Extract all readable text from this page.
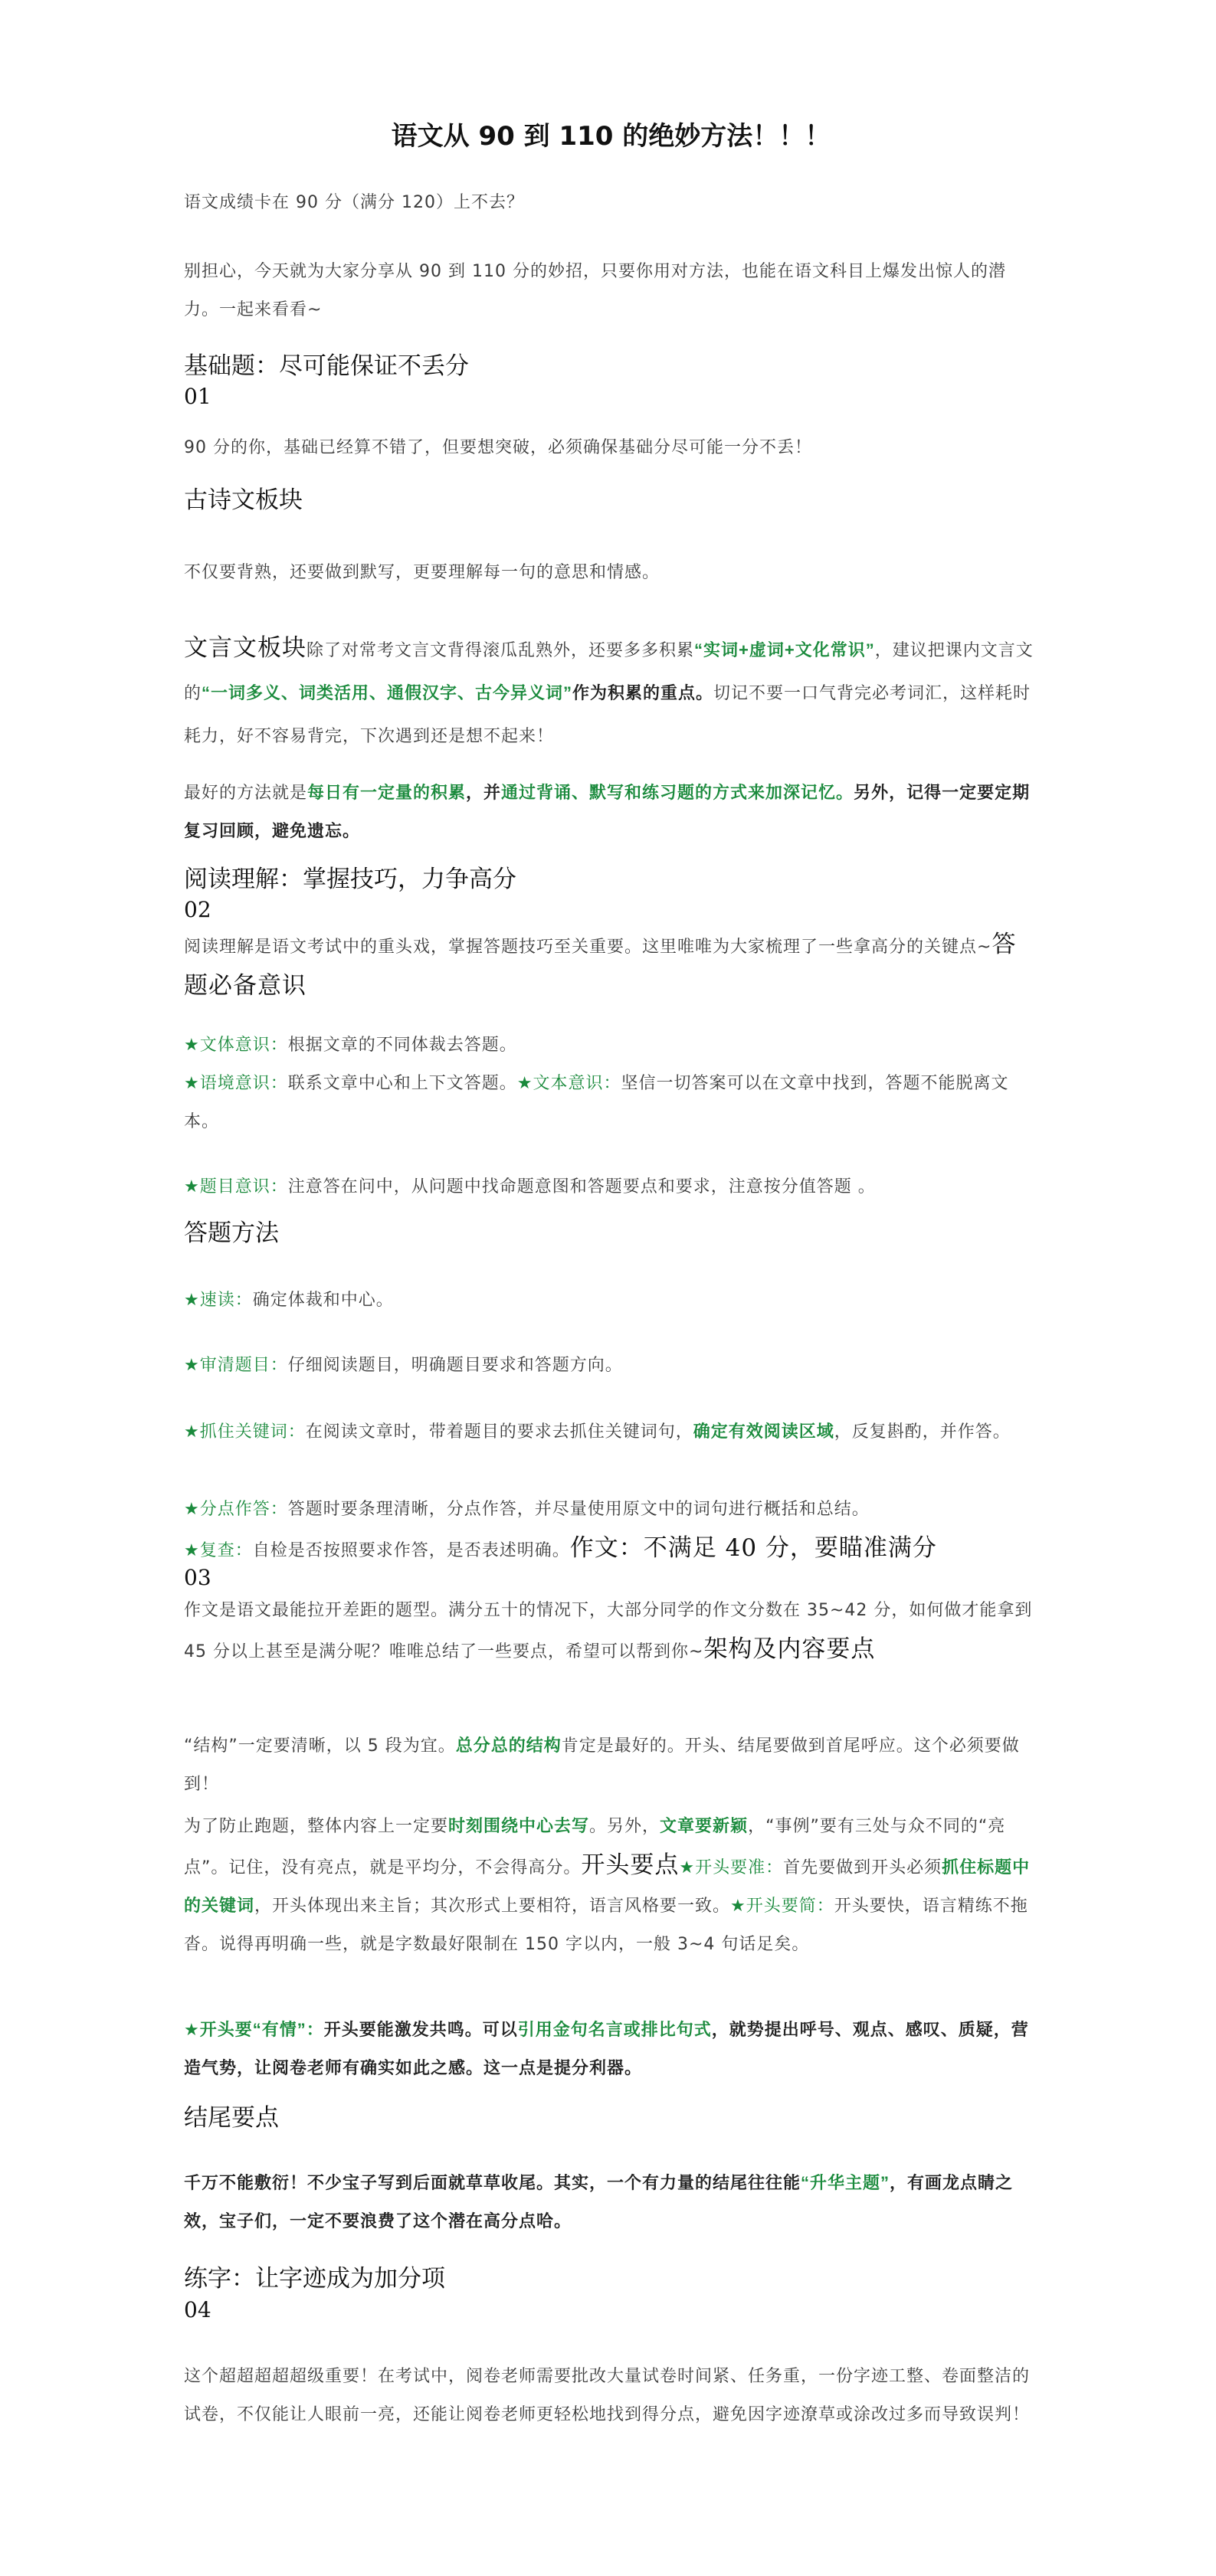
语文从 90 到 110 的绝妙方法！！！

语文成绩卡在 90 分（满分 120）上不去？

别担心，今天就为大家分享从 90 到 110 分的妙招，只要你用对方法，也能在语文科目上爆发出惊人的潜力。一起来看看~

基础题：尽可能保证不丢分
01

90 分的你，基础已经算不错了，但要想突破，必须确保基础分尽可能一分不丢！

古诗文板块

不仅要背熟，还要做到默写，更要理解每一句的意思和情感。

文言文板块除了对常考文言文背得滚瓜乱熟外，还要多多积累“实词+虚词+文化常识”，建议把课内文言文的“一词多义、词类活用、通假汉字、古今异义词”作为积累的重点。切记不要一口气背完必考词汇，这样耗时耗力，好不容易背完，下次遇到还是想不起来！

最好的方法就是每日有一定量的积累，并通过背诵、默写和练习题的方式来加深记忆。另外，记得一定要定期复习回顾，避免遗忘。

阅读理解：掌握技巧，力争高分
02

阅读理解是语文考试中的重头戏，掌握答题技巧至关重要。这里唯唯为大家梳理了一些拿高分的关键点~答题必备意识

★文体意识：根据文章的不同体裁去答题。

★语境意识：联系文章中心和上下文答题。★文本意识：坚信一切答案可以在文章中找到，答题不能脱离文本。

★题目意识：注意答在问中，从问题中找命题意图和答题要点和要求，注意按分值答题 。

答题方法

★速读：确定体裁和中心。

★审清题目：仔细阅读题目，明确题目要求和答题方向。

★抓住关键词：在阅读文章时，带着题目的要求去抓住关键词句，确定有效阅读区域，反复斟酌，并作答。

★分点作答：答题时要条理清晰，分点作答，并尽量使用原文中的词句进行概括和总结。

★复查：自检是否按照要求作答，是否表述明确。作文：不满足 40 分，要瞄准满分

03

作文是语文最能拉开差距的题型。满分五十的情况下，大部分同学的作文分数在 35~42 分，如何做才能拿到 45 分以上甚至是满分呢？唯唯总结了一些要点，希望可以帮到你~架构及内容要点

“结构”一定要清晰，以 5 段为宜。总分总的结构肯定是最好的。开头、结尾要做到首尾呼应。这个必须要做到！

为了防止跑题，整体内容上一定要时刻围绕中心去写。另外，文章要新颖，“事例”要有三处与众不同的“亮点”。记住，没有亮点，就是平均分，不会得高分。开头要点★开头要准：首先要做到开头必须抓住标题中的关键词，开头体现出来主旨；其次形式上要相符，语言风格要一致。★开头要简：开头要快，语言精练不拖沓。说得再明确一些，就是字数最好限制在 150 字以内，一般 3~4 句话足矣。

★开头要“有情”：开头要能激发共鸣。可以引用金句名言或排比句式，就势提出呼号、观点、感叹、质疑，营造气势，让阅卷老师有确实如此之感。这一点是提分利器。

结尾要点

千万不能敷衍！不少宝子写到后面就草草收尾。其实，一个有力量的结尾往往能“升华主题”，有画龙点睛之效，宝子们，一定不要浪费了这个潜在高分点哈。

练字：让字迹成为加分项
04

这个超超超超超级重要！在考试中，阅卷老师需要批改大量试卷时间紧、任务重，一份字迹工整、卷面整洁的试卷，不仅能让人眼前一亮，还能让阅卷老师更轻松地找到得分点，避免因字迹潦草或涂改过多而导致误判！
